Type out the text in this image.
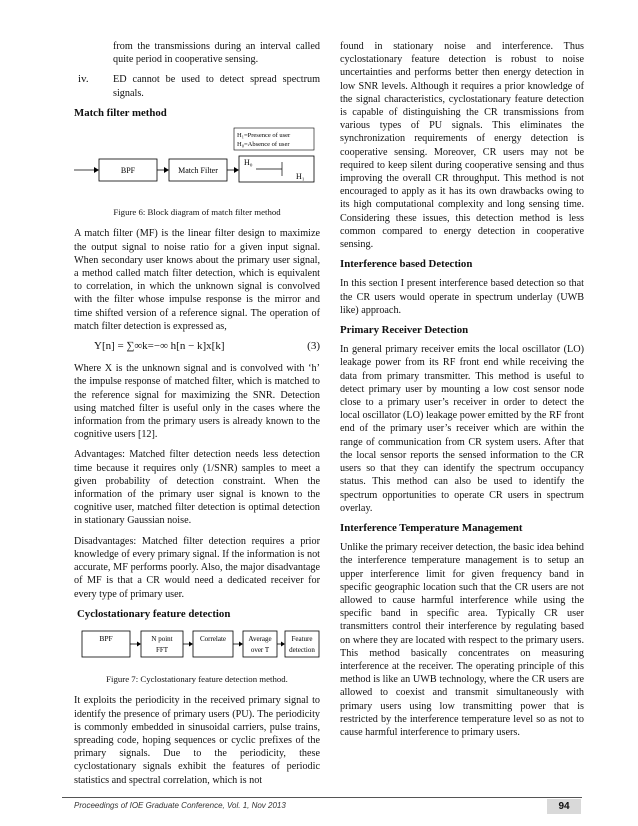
from the transmissions during an interval called quite period in cooperative sensing.

iv.	ED cannot be used to detect spread spectrum signals.
Match filter method
H₁=Presence of user
H₀=Absence of user
BPF	Match Filter
H₀
H₁
Figure 6: Block diagram of match filter method

A match filter (MF) is the linear filter design to maximize the output signal to noise ratio for a given input signal. When secondary user knows about the primary user signal, a method called match filter detection, which is equivalent to correlation, in which the unknown signal is convolved with the filter whose impulse response is the mirror and time shifted version of a reference signal. The operation of match filter detection is expressed as,

Y[n] = ∑∞k=−∞ h[n − k]x[k]	(3)

Where X is the unknown signal and is convolved with ‘h’ the impulse response of matched filter, which is matched to the reference signal for maximizing the SNR. Detection using matched filter is useful only in the cases where the information from the primary users is already known to the cognitive users [12].

Advantages: Matched filter detection needs less detection time because it requires only (1/SNR) samples to meet a given probability of detection constraint. When the information of the primary user signal is known to the cognitive user, matched filter detection is optimal detection in stationary Gaussian noise.

Disadvantages: Matched filter detection requires a prior knowledge of every primary signal. If the information is not accurate, MF performs poorly. Also, the major disadvantage of MF is that a CR would need a dedicated receiver for every type of primary user.

Cyclostationary feature detection
BPF	N point
FFT
Correlate	Average
over T
Feature
detection
Figure 7: Cyclostationary feature detection method.

It exploits the periodicity in the received primary signal to identify the presence of primary users (PU). The periodicity is commonly embedded in sinusoidal carriers, pulse trains, spreading code, hoping sequences or cyclic prefixes of the primary signals. Due to the periodicity, these cyclostationary signals exhibit the features of periodic statistics and spectral correlation, which is not

found in stationary noise and interference. Thus cyclostationary feature detection is robust to noise uncertainties and performs better then energy detection in low SNR levels. Although it requires a prior knowledge of the signal characteristics, cyclostationary feature detection is capable of distinguishing the CR transmissions from various types of PU signals. This eliminates the synchronization requirements of energy detection is cooperative sensing. Moreover, CR users may not be required to keep silent during cooperative sensing and thus improving the overall CR throughput. This method is not encouraged to apply as it has its own drawbacks owing to its high computational complexity and long sensing time. Considering these issues, this detection method is less common compared to energy detection in cooperative sensing.

Interference based Detection

In this section I present interference based detection so that the CR users would operate in spectrum underlay (UWB like) approach.

Primary Receiver Detection

In general primary receiver emits the local oscillator (LO) leakage power from its RF front end while receiving the data from primary transmitter. This method is useful to detect primary user by mounting a low cost sensor node close to a primary user’s receiver in order to detect the local oscillator (LO) leakage power emitted by the RF front end of the primary user’s receiver which are within the range of communication from CR system users. After that the local sensor reports the sensed information to the CR users so that they can identify the spectrum occupancy status. This method can also be used to identify the spectrum opportunities to operate CR users in spectrum overlay.

Interference Temperature Management

Unlike the primary receiver detection, the basic idea behind the interference temperature management is to setup an upper interference limit for given frequency band in specific geographic location such that the CR users are not allowed to cause harmful interference while using the specific band in specific area. Typically CR user transmitters control their interference by regulating based on where they are located with respect to the primary users. This method basically concentrates on measuring interference at the receiver. The operating principle of this method is like an UWB technology, where the CR users are allowed to coexist and transmit simultaneously with primary users using low transmitting power that is restricted by the interference temperature level so as not to cause harmful interference to primary users.

Proceedings of IOE Graduate Conference, Vol. 1, Nov 2013	94
